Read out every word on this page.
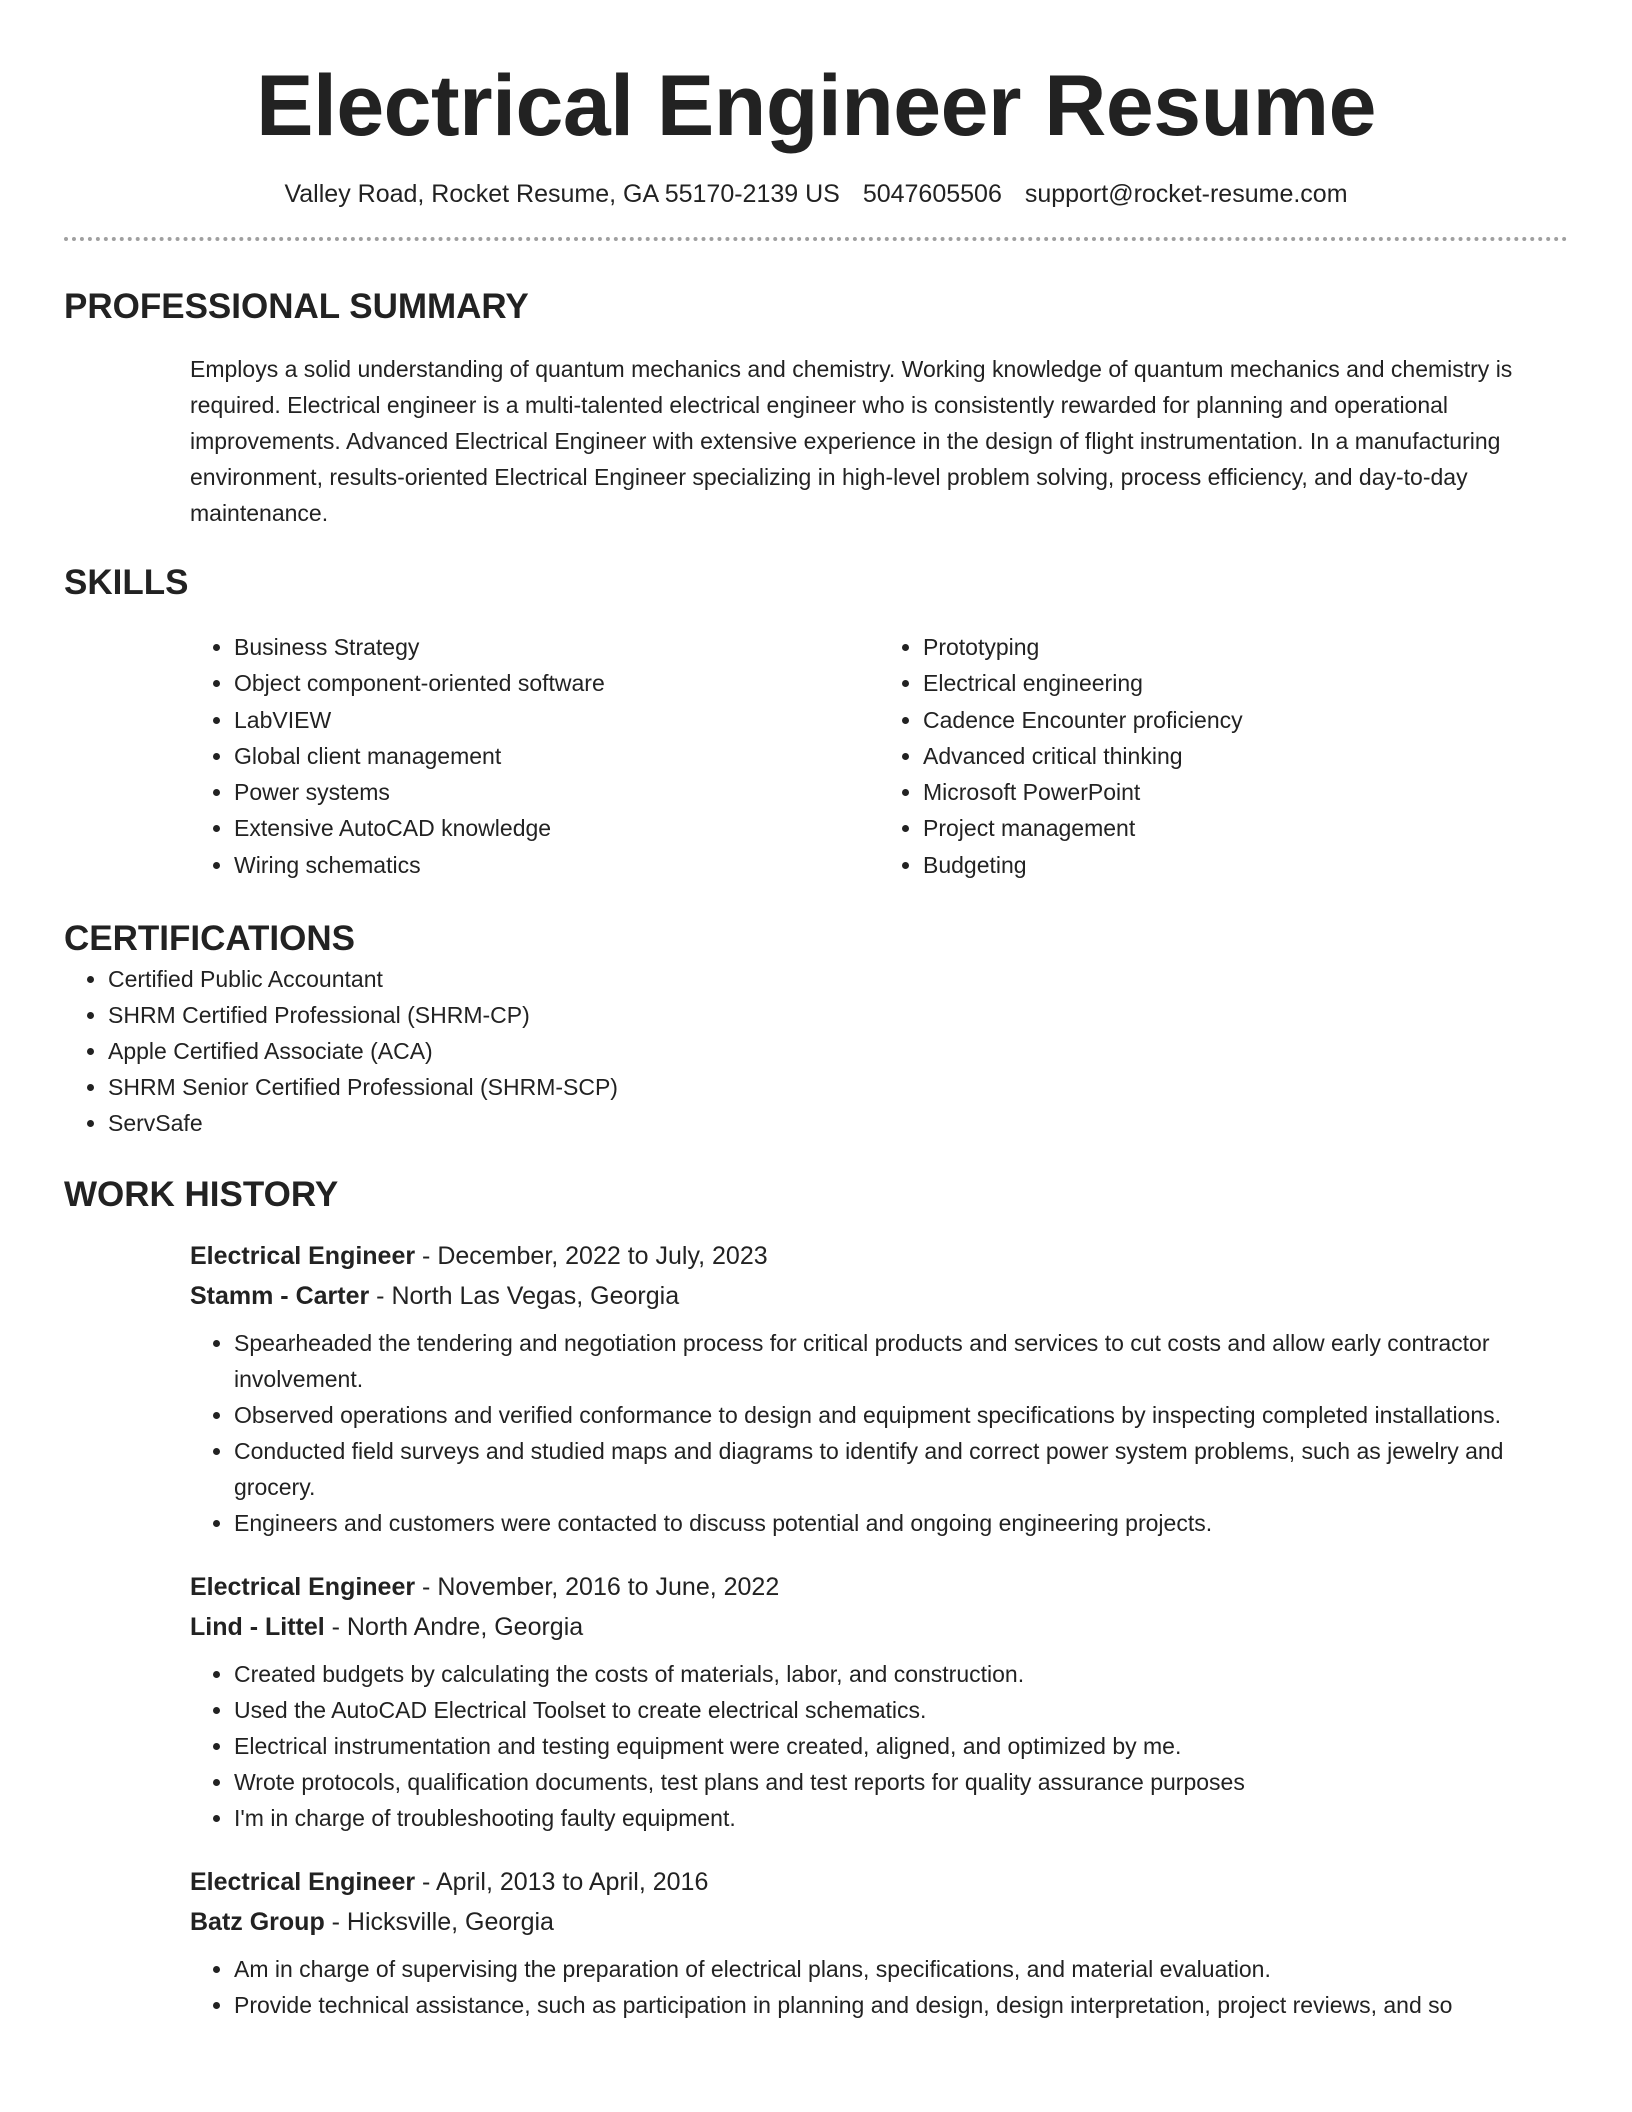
Electrical Engineer Resume
Valley Road, Rocket Resume, GA 55170-2139 US 5047605506 support@rocket-resume.com
PROFESSIONAL SUMMARY

Employs a solid understanding of quantum mechanics and chemistry. Working knowledge of quantum mechanics and chemistry is required. Electrical engineer is a multi-talented electrical engineer who is consistently rewarded for planning and operational improvements. Advanced Electrical Engineer with extensive experience in the design of flight instrumentation. In a manufacturing environment, results-oriented Electrical Engineer specializing in high-level problem solving, process efficiency, and day-to-day maintenance.

SKILLS
• Business Strategy
• Object component-oriented software
• LabVIEW
• Global client management
• Power systems
• Extensive AutoCAD knowledge
• Wiring schematics
• Prototyping
• Electrical engineering
• Cadence Encounter proficiency
• Advanced critical thinking
• Microsoft PowerPoint
• Project management
• Budgeting
CERTIFICATIONS
• Certified Public Accountant
• SHRM Certified Professional (SHRM-CP)
• Apple Certified Associate (ACA)
• SHRM Senior Certified Professional (SHRM-SCP)
• ServSafe
WORK HISTORY
Electrical Engineer - December, 2022 to July, 2023
Stamm - Carter - North Las Vegas, Georgia
• Spearheaded the tendering and negotiation process for critical products and services to cut costs and allow early contractor involvement.
• Observed operations and verified conformance to design and equipment specifications by inspecting completed installations.
• Conducted field surveys and studied maps and diagrams to identify and correct power system problems, such as jewelry and grocery.
• Engineers and customers were contacted to discuss potential and ongoing engineering projects.
Electrical Engineer - November, 2016 to June, 2022
Lind - Littel - North Andre, Georgia
• Created budgets by calculating the costs of materials, labor, and construction.
• Used the AutoCAD Electrical Toolset to create electrical schematics.
• Electrical instrumentation and testing equipment were created, aligned, and optimized by me.
• Wrote protocols, qualification documents, test plans and test reports for quality assurance purposes
• I'm in charge of troubleshooting faulty equipment.
Electrical Engineer - April, 2013 to April, 2016
Batz Group - Hicksville, Georgia
• Am in charge of supervising the preparation of electrical plans, specifications, and material evaluation.
• Provide technical assistance, such as participation in planning and design, design interpretation, project reviews, and so
